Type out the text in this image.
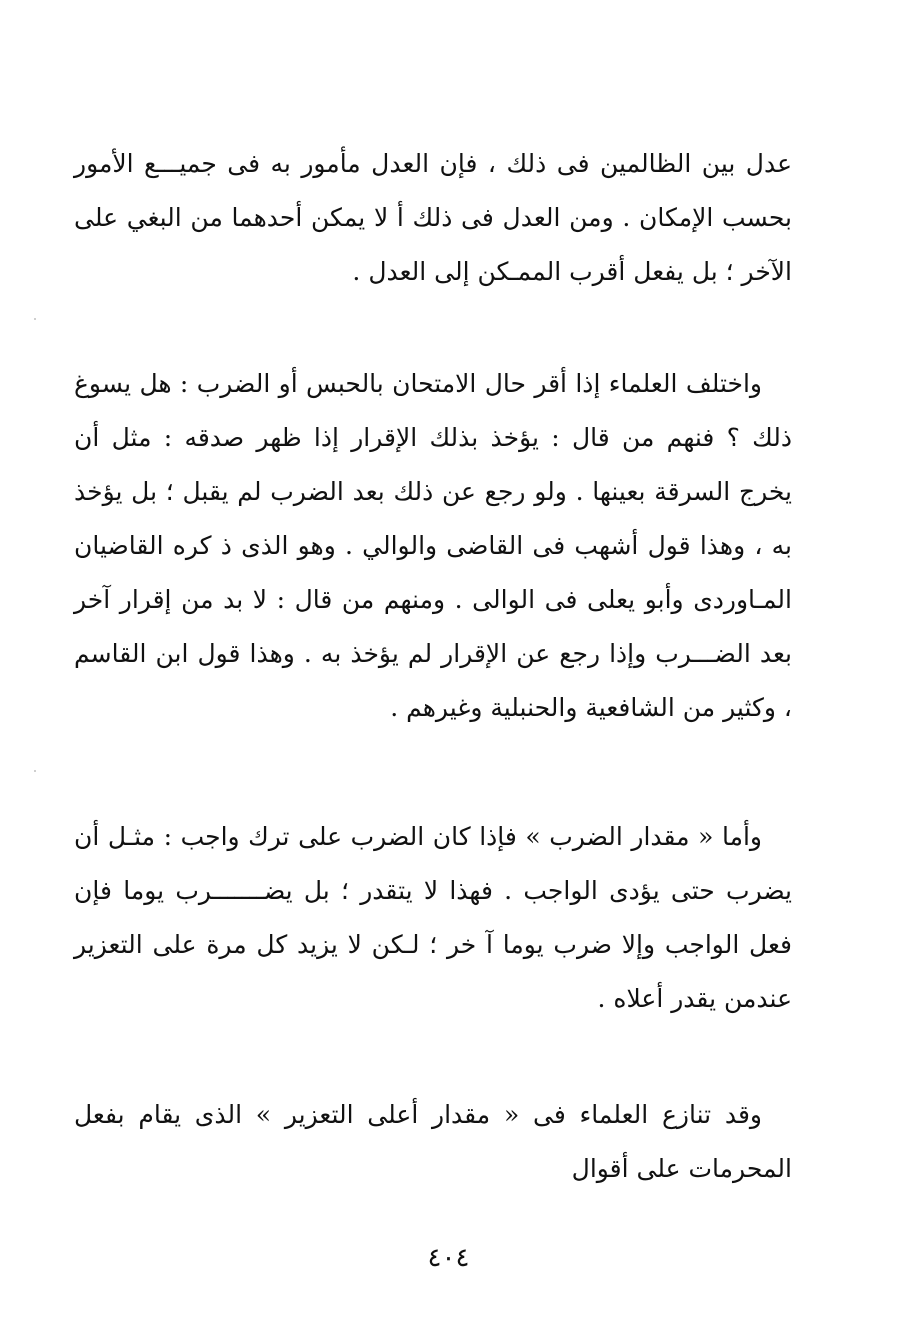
عدل بين الظالمين فى ذلك ، فإن العدل مأمور به فى جميـــع الأمور بحسب الإمكان . ومن العدل فى ذلك أ لا يمكن أحدهما من البغي على الآخر ؛ بل يفعل أقرب الممـكن إلى العدل .

واختلف العلماء إذا أقر حال الامتحان بالحبس أو الضرب : هل يسوغ ذلك ؟ فنهم من قال : يؤخذ بذلك الإقرار إذا ظهر صدقه : مثل أن يخرج السرقة بعينها . ولو رجع عن ذلك بعد الضرب لم يقبل ؛ بل يؤخذ به ، وهذا قول أشهب فى القاضى والوالي . وهو الذى ذ كره القاضيان المـاوردى وأبو يعلى فى الوالى . ومنهم من قال : لا بد من إقرار آخر بعد الضـــرب وإذا رجع عن الإقرار لم يؤخذ به . وهذا قول ابن القاسم ، وكثير من الشافعية والحنبلية وغيرهم .

وأما « مقدار الضرب » فإذا كان الضرب على ترك واجب : مثـل أن يضرب حتى يؤدى الواجب . فهذا لا يتقدر ؛ بل يضـــــــرب يوما فإن فعل الواجب وإلا ضرب يوما آ خر ؛ لـكن لا يزيد كل مرة على التعزير عندمن يقدر أعلاه .

وقد تنازع العلماء فى « مقدار أعلى التعزير » الذى يقام بفعل المحرمات على أقوال

٤٠٤
